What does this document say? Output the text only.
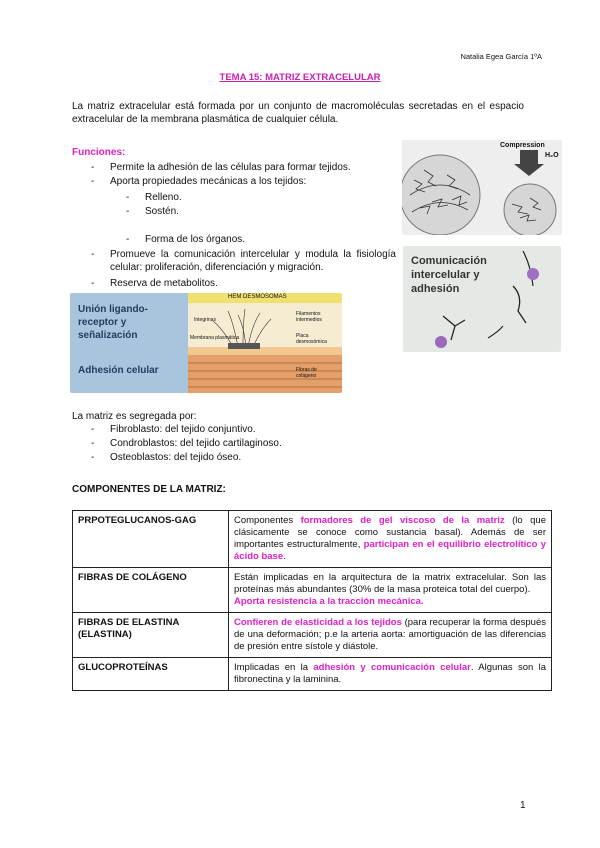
Natalia Egea García 1ºA
TEMA 15: MATRIZ EXTRACELULAR
La matriz extracelular está formada por un conjunto de macromoléculas secretadas en el espacio extracelular de la membrana plasmática de cualquier célula.
Funciones:
- Permite la adhesión de las células para formar tejidos.
- Aporta propiedades mecánicas a los tejidos:
- Relleno.
- Sostén.
- Forma de los órganos.
- Promueve la comunicación intercelular y modula la fisiología celular: proliferación, diferenciación y migración.
- Reserva de metabolitos.
Compression
H₂O
Comunicación intercelular y adhesión
Unión ligando-receptor y señalización
Adhesión celular
HEM DESMOSOMAS
Integrinas
Membrana plasmática
Filamentos intermedios
Placa desmosómica
Fibras de colágeno
La matriz es segregada por:
- Fibroblasto: del tejido conjuntivo.
- Condroblastos: del tejido cartilaginoso.
- Osteoblastos: del tejido óseo.
COMPONENTES DE LA MATRIZ:
PRPOTEGLUCANOS-GAG	Componentes formadores de gel viscoso de la matriz (lo que clásicamente se conoce como sustancia basal). Además de ser importantes estructuralmente, participan en el equilibrio electrolítico y ácido base.
FIBRAS DE COLÁGENO	Están implicadas en la arquitectura de la matrix extracelular. Son las proteínas más abundantes (30% de la masa proteica total del cuerpo).
Aporta resistencia a la tracción mecánica.
FIBRAS DE ELASTINA (ELASTINA)	Confieren de elasticidad a los tejidos (para recuperar la forma después de una deformación; p.e la arteria aorta: amortiguación de las diferencias de presión entre sístole y diástole.
GLUCOPROTEÍNAS	Implicadas en la adhesión y comunicación celular. Algunas son la fibronectina y la laminina.
1
